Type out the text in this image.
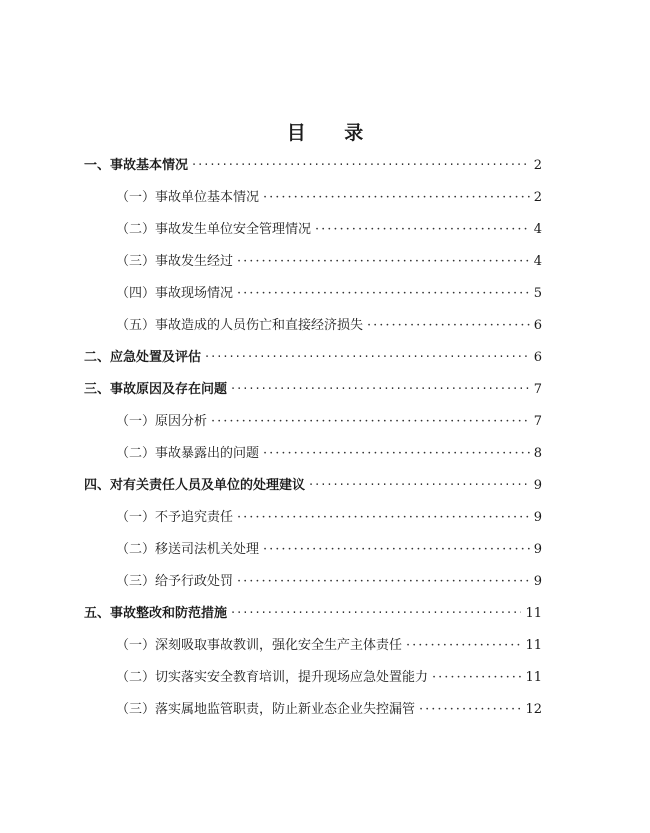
目 录
一、事故基本情况 ·····	2
（一）事故单位基本情况 ·····	2
（二）事故发生单位安全管理情况 ·····	4
（三）事故发生经过 ·····	4
（四）事故现场情况 ·····	5
（五）事故造成的人员伤亡和直接经济损失 ·····	6
二、应急处置及评估 ·····	6
三、事故原因及存在问题 ·····	7
（一）原因分析 ·····	7
（二）事故暴露出的问题 ·····	8
四、对有关责任人员及单位的处理建议 ·····	9
（一）不予追究责任 ·····	9
（二）移送司法机关处理 ·····	9
（三）给予行政处罚 ·····	9
五、事故整改和防范措施 ·····	11
（一）深刻吸取事故教训，强化安全生产主体责任 ·····	11
（二）切实落实安全教育培训，提升现场应急处置能力 ·····	11
（三）落实属地监管职责，防止新业态企业失控漏管 ·····	12
